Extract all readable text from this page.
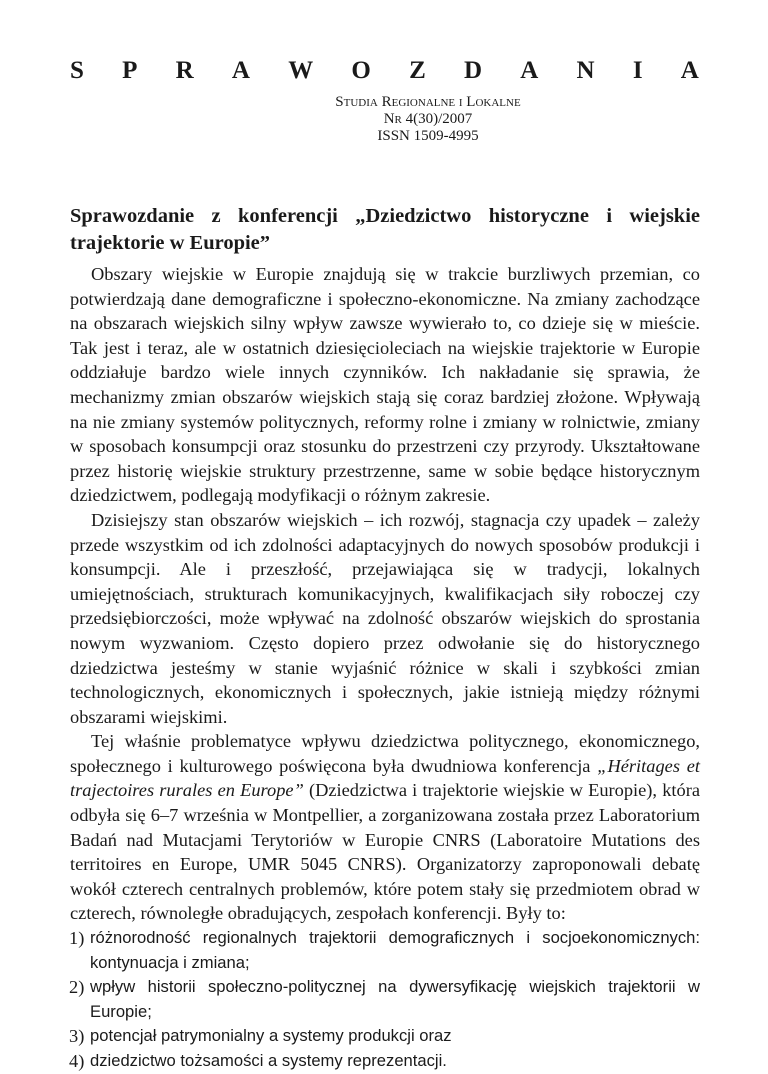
S P R A W O Z D A N I A
Studia Regionalne i Lokalne
Nr 4(30)/2007
ISSN 1509-4995
Sprawozdanie z konferencji „Dziedzictwo historyczne i wiejskie trajektorie w Europie”

Obszary wiejskie w Europie znajdują się w trakcie burzliwych przemian, co potwierdzają dane demograficzne i społeczno-ekonomiczne. Na zmiany zachodzące na obszarach wiejskich silny wpływ zawsze wywierało to, co dzieje się w mieście. Tak jest i teraz, ale w ostatnich dziesięcioleciach na wiejskie trajektorie w Europie oddziałuje bardzo wiele innych czynników. Ich nakładanie się sprawia, że mechanizmy zmian obszarów wiejskich stają się coraz bardziej złożone. Wpływają na nie zmiany systemów politycznych, reformy rolne i zmiany w rolnictwie, zmiany w sposobach konsumpcji oraz stosunku do przestrzeni czy przyrody. Ukształtowane przez historię wiejskie struktury przestrzenne, same w sobie będące historycznym dziedzictwem, podlegają modyfikacji o różnym zakresie.

Dzisiejszy stan obszarów wiejskich – ich rozwój, stagnacja czy upadek – zależy przede wszystkim od ich zdolności adaptacyjnych do nowych sposobów produkcji i konsumpcji. Ale i przeszłość, przejawiająca się w tradycji, lokalnych umiejętnościach, strukturach komunikacyjnych, kwalifikacjach siły roboczej czy przedsiębiorczości, może wpływać na zdolność obszarów wiejskich do sprostania nowym wyzwaniom. Często dopiero przez odwołanie się do historycznego dziedzictwa jesteśmy w stanie wyjaśnić różnice w skali i szybkości zmian technologicznych, ekonomicznych i społecznych, jakie istnieją między różnymi obszarami wiejskimi.

Tej właśnie problematyce wpływu dziedzictwa politycznego, ekonomicznego, społecznego i kulturowego poświęcona była dwudniowa konferencja „Héritages et trajectoires rurales en Europe” (Dziedzictwa i trajektorie wiejskie w Europie), która odbyła się 6–7 września w Montpellier, a zorganizowana została przez Laboratorium Badań nad Mutacjami Terytoriów w Europie CNRS (Laboratoire Mutations des territoires en Europe, UMR 5045 CNRS). Organizatorzy zaproponowali debatę wokół czterech centralnych problemów, które potem stały się przedmiotem obrad w czterech, równoległe obradujących, zespołach konferencji. Były to:

1) różnorodność regionalnych trajektorii demograficznych i socjoekonomicznych: kontynuacja i zmiana;
2) wpływ historii społeczno-politycznej na dywersyfikację wiejskich trajektorii w Europie;
3) potencjał patrymonialny a systemy produkcji oraz
4) dziedzictwo tożsamości a systemy reprezentacji.
